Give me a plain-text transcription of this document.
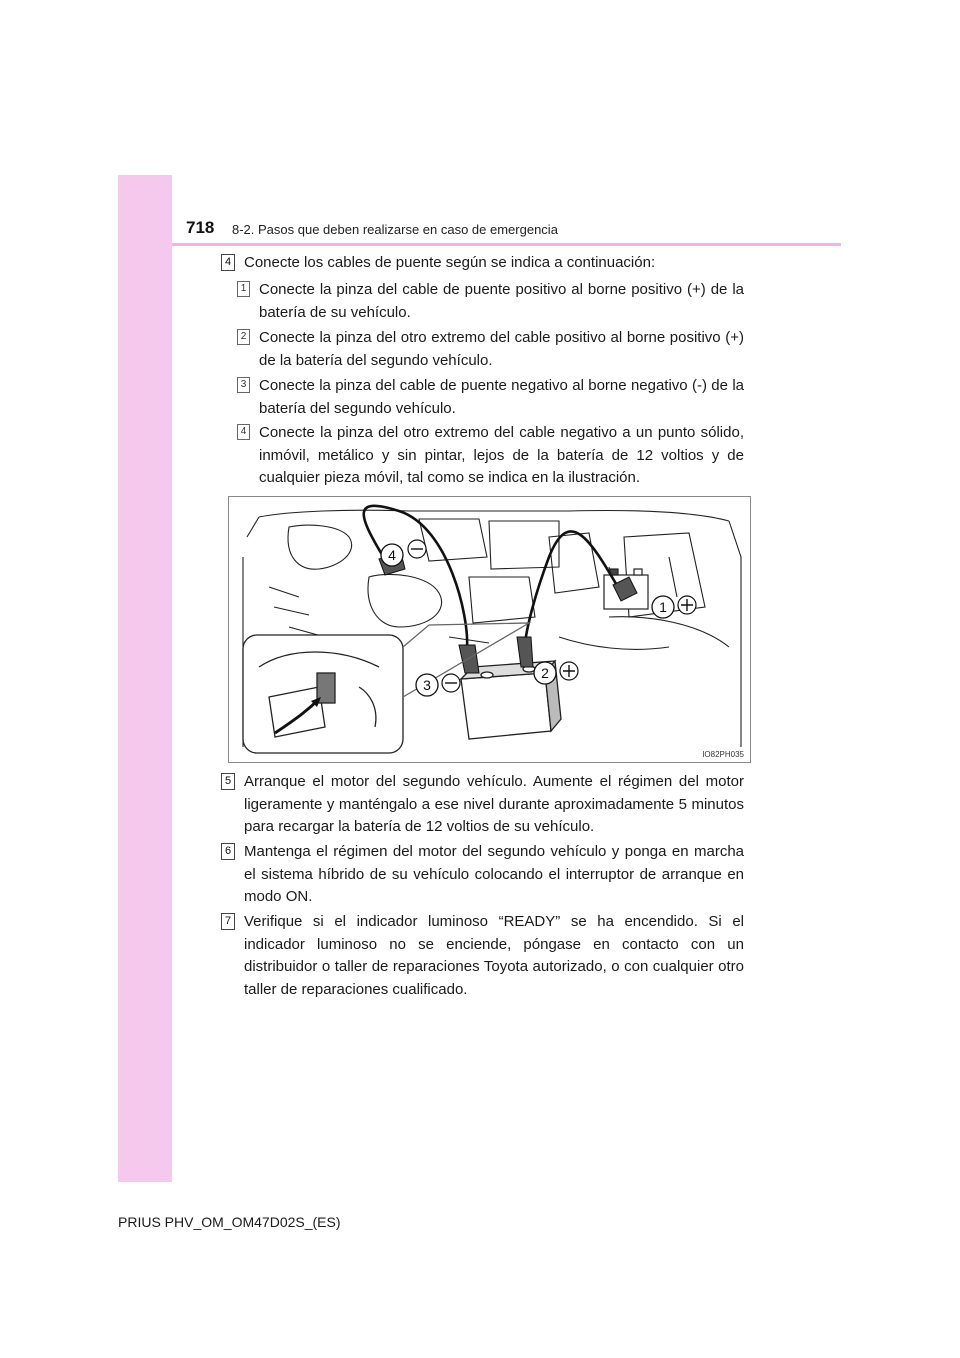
718 8-2. Pasos que deben realizarse en caso de emergencia
4 Conecte los cables de puente según se indica a continuación:
1 Conecte la pinza del cable de puente positivo al borne positivo (+) de la batería de su vehículo.
2 Conecte la pinza del otro extremo del cable positivo al borne positivo (+) de la batería del segundo vehículo.
3 Conecte la pinza del cable de puente negativo al borne negativo (-) de la batería del segundo vehículo.
4 Conecte la pinza del otro extremo del cable negativo a un punto sólido, inmóvil, metálico y sin pintar, lejos de la batería de 12 voltios y de cualquier pieza móvil, tal como se indica en la ilustración.
4
1
2
3
IO82PH035
5 Arranque el motor del segundo vehículo. Aumente el régimen del motor ligeramente y manténgalo a ese nivel durante aproximadamente 5 minutos para recargar la batería de 12 voltios de su vehículo.
6 Mantenga el régimen del motor del segundo vehículo y ponga en marcha el sistema híbrido de su vehículo colocando el interruptor de arranque en modo ON.
7 Verifique si el indicador luminoso “READY” se ha encendido. Si el indicador luminoso no se enciende, póngase en contacto con un distribuidor o taller de reparaciones Toyota autorizado, o con cualquier otro taller de reparaciones cualificado.
PRIUS PHV_OM_OM47D02S_(ES)
